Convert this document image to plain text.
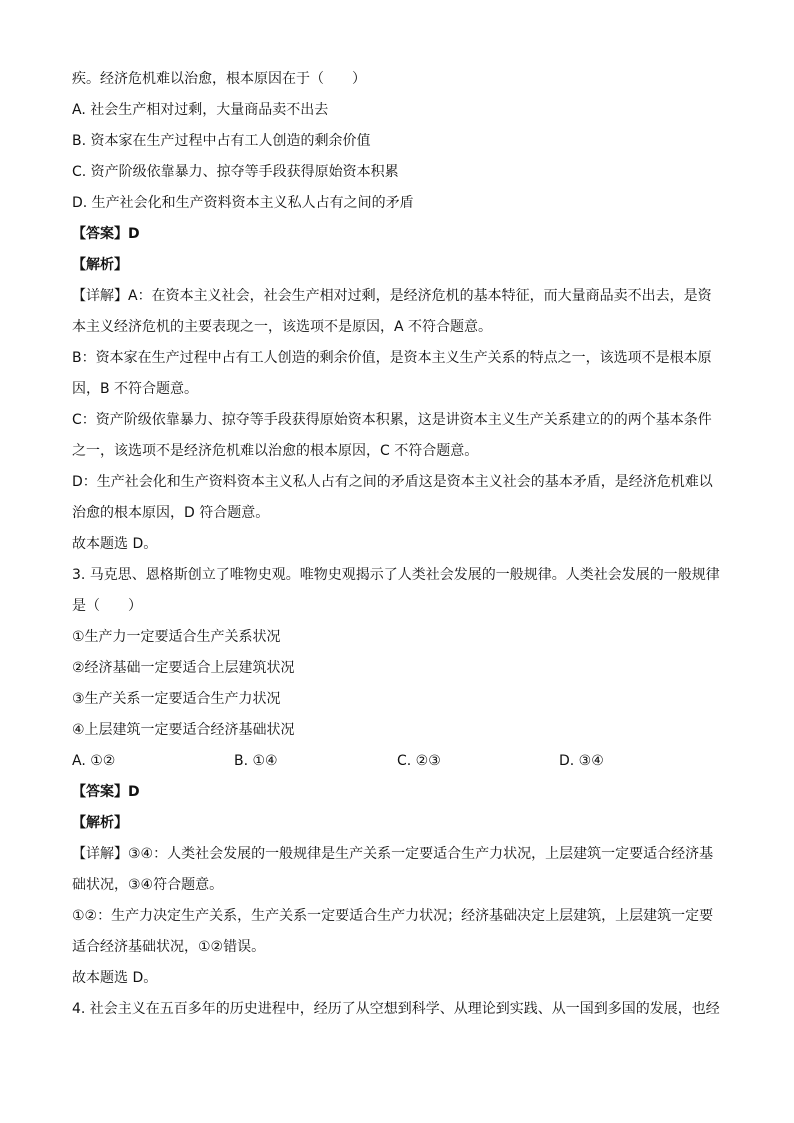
疾。经济危机难以治愈，根本原因在于（　　）
A. 社会生产相对过剩，大量商品卖不出去
B. 资本家在生产过程中占有工人创造的剩余价值
C. 资产阶级依靠暴力、掠夺等手段获得原始资本积累
D. 生产社会化和生产资料资本主义私人占有之间的矛盾
【答案】D
【解析】
【详解】A：在资本主义社会，社会生产相对过剩，是经济危机的基本特征，而大量商品卖不出去，是资
本主义经济危机的主要表现之一，该选项不是原因，A 不符合题意。
B：资本家在生产过程中占有工人创造的剩余价值，是资本主义生产关系的特点之一，该选项不是根本原
因，B 不符合题意。
C：资产阶级依靠暴力、掠夺等手段获得原始资本积累，这是讲资本主义生产关系建立的的两个基本条件
之一，该选项不是经济危机难以治愈的根本原因，C 不符合题意。
D：生产社会化和生产资料资本主义私人占有之间的矛盾这是资本主义社会的基本矛盾，是经济危机难以
治愈的根本原因，D 符合题意。
故本题选 D。
3. 马克思、恩格斯创立了唯物史观。唯物史观揭示了人类社会发展的一般规律。人类社会发展的一般规律
是（　　）
①生产力一定要适合生产关系状况
②经济基础一定要适合上层建筑状况
③生产关系一定要适合生产力状况
④上层建筑一定要适合经济基础状况
A. ①②	B. ①④	C. ②③	D. ③④
【答案】D
【解析】
【详解】③④：人类社会发展的一般规律是生产关系一定要适合生产力状况，上层建筑一定要适合经济基
础状况，③④符合题意。
①②：生产力决定生产关系，生产关系一定要适合生产力状况；经济基础决定上层建筑，上层建筑一定要
适合经济基础状况，①②错误。
故本题选 D。
4. 社会主义在五百多年的历史进程中，经历了从空想到科学、从理论到实践、从一国到多国的发展，也经
